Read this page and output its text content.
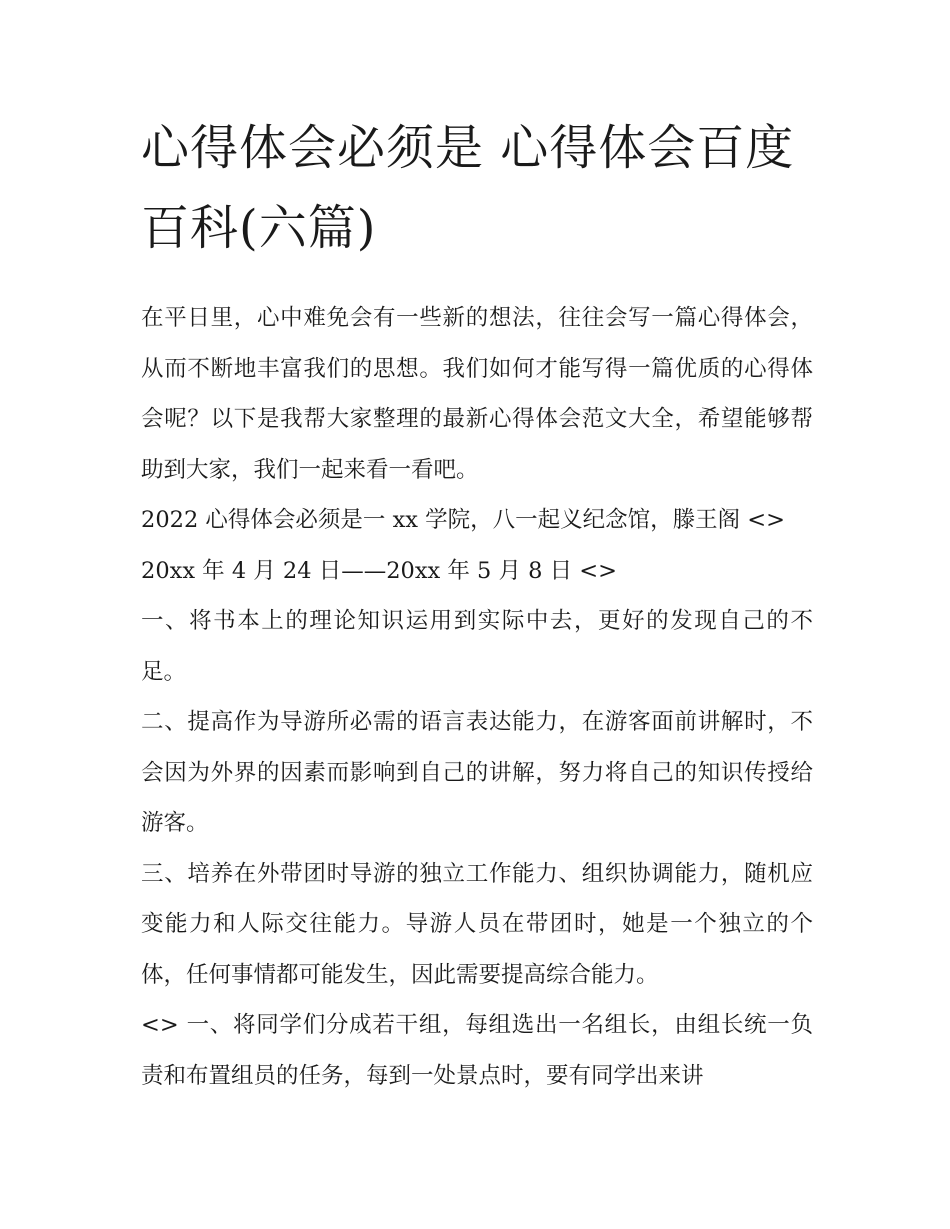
心得体会必须是 心得体会百度百科(六篇)

在平日里，心中难免会有一些新的想法，往往会写一篇心得体会，从而不断地丰富我们的思想。我们如何才能写得一篇优质的心得体会呢？以下是我帮大家整理的最新心得体会范文大全，希望能够帮助到大家，我们一起来看一看吧。

2022 心得体会必须是一 xx 学院，八一起义纪念馆，滕王阁 <>

20xx 年 4 月 24 日——20xx 年 5 月 8 日 <>

一、将书本上的理论知识运用到实际中去，更好的发现自己的不足。

二、提高作为导游所必需的语言表达能力，在游客面前讲解时，不会因为外界的因素而影响到自己的讲解，努力将自己的知识传授给游客。

三、培养在外带团时导游的独立工作能力、组织协调能力，随机应变能力和人际交往能力。导游人员在带团时，她是一个独立的个体，任何事情都可能发生，因此需要提高综合能力。

<> 一、将同学们分成若干组，每组选出一名组长，由组长统一负责和布置组员的任务，每到一处景点时，要有同学出来讲
